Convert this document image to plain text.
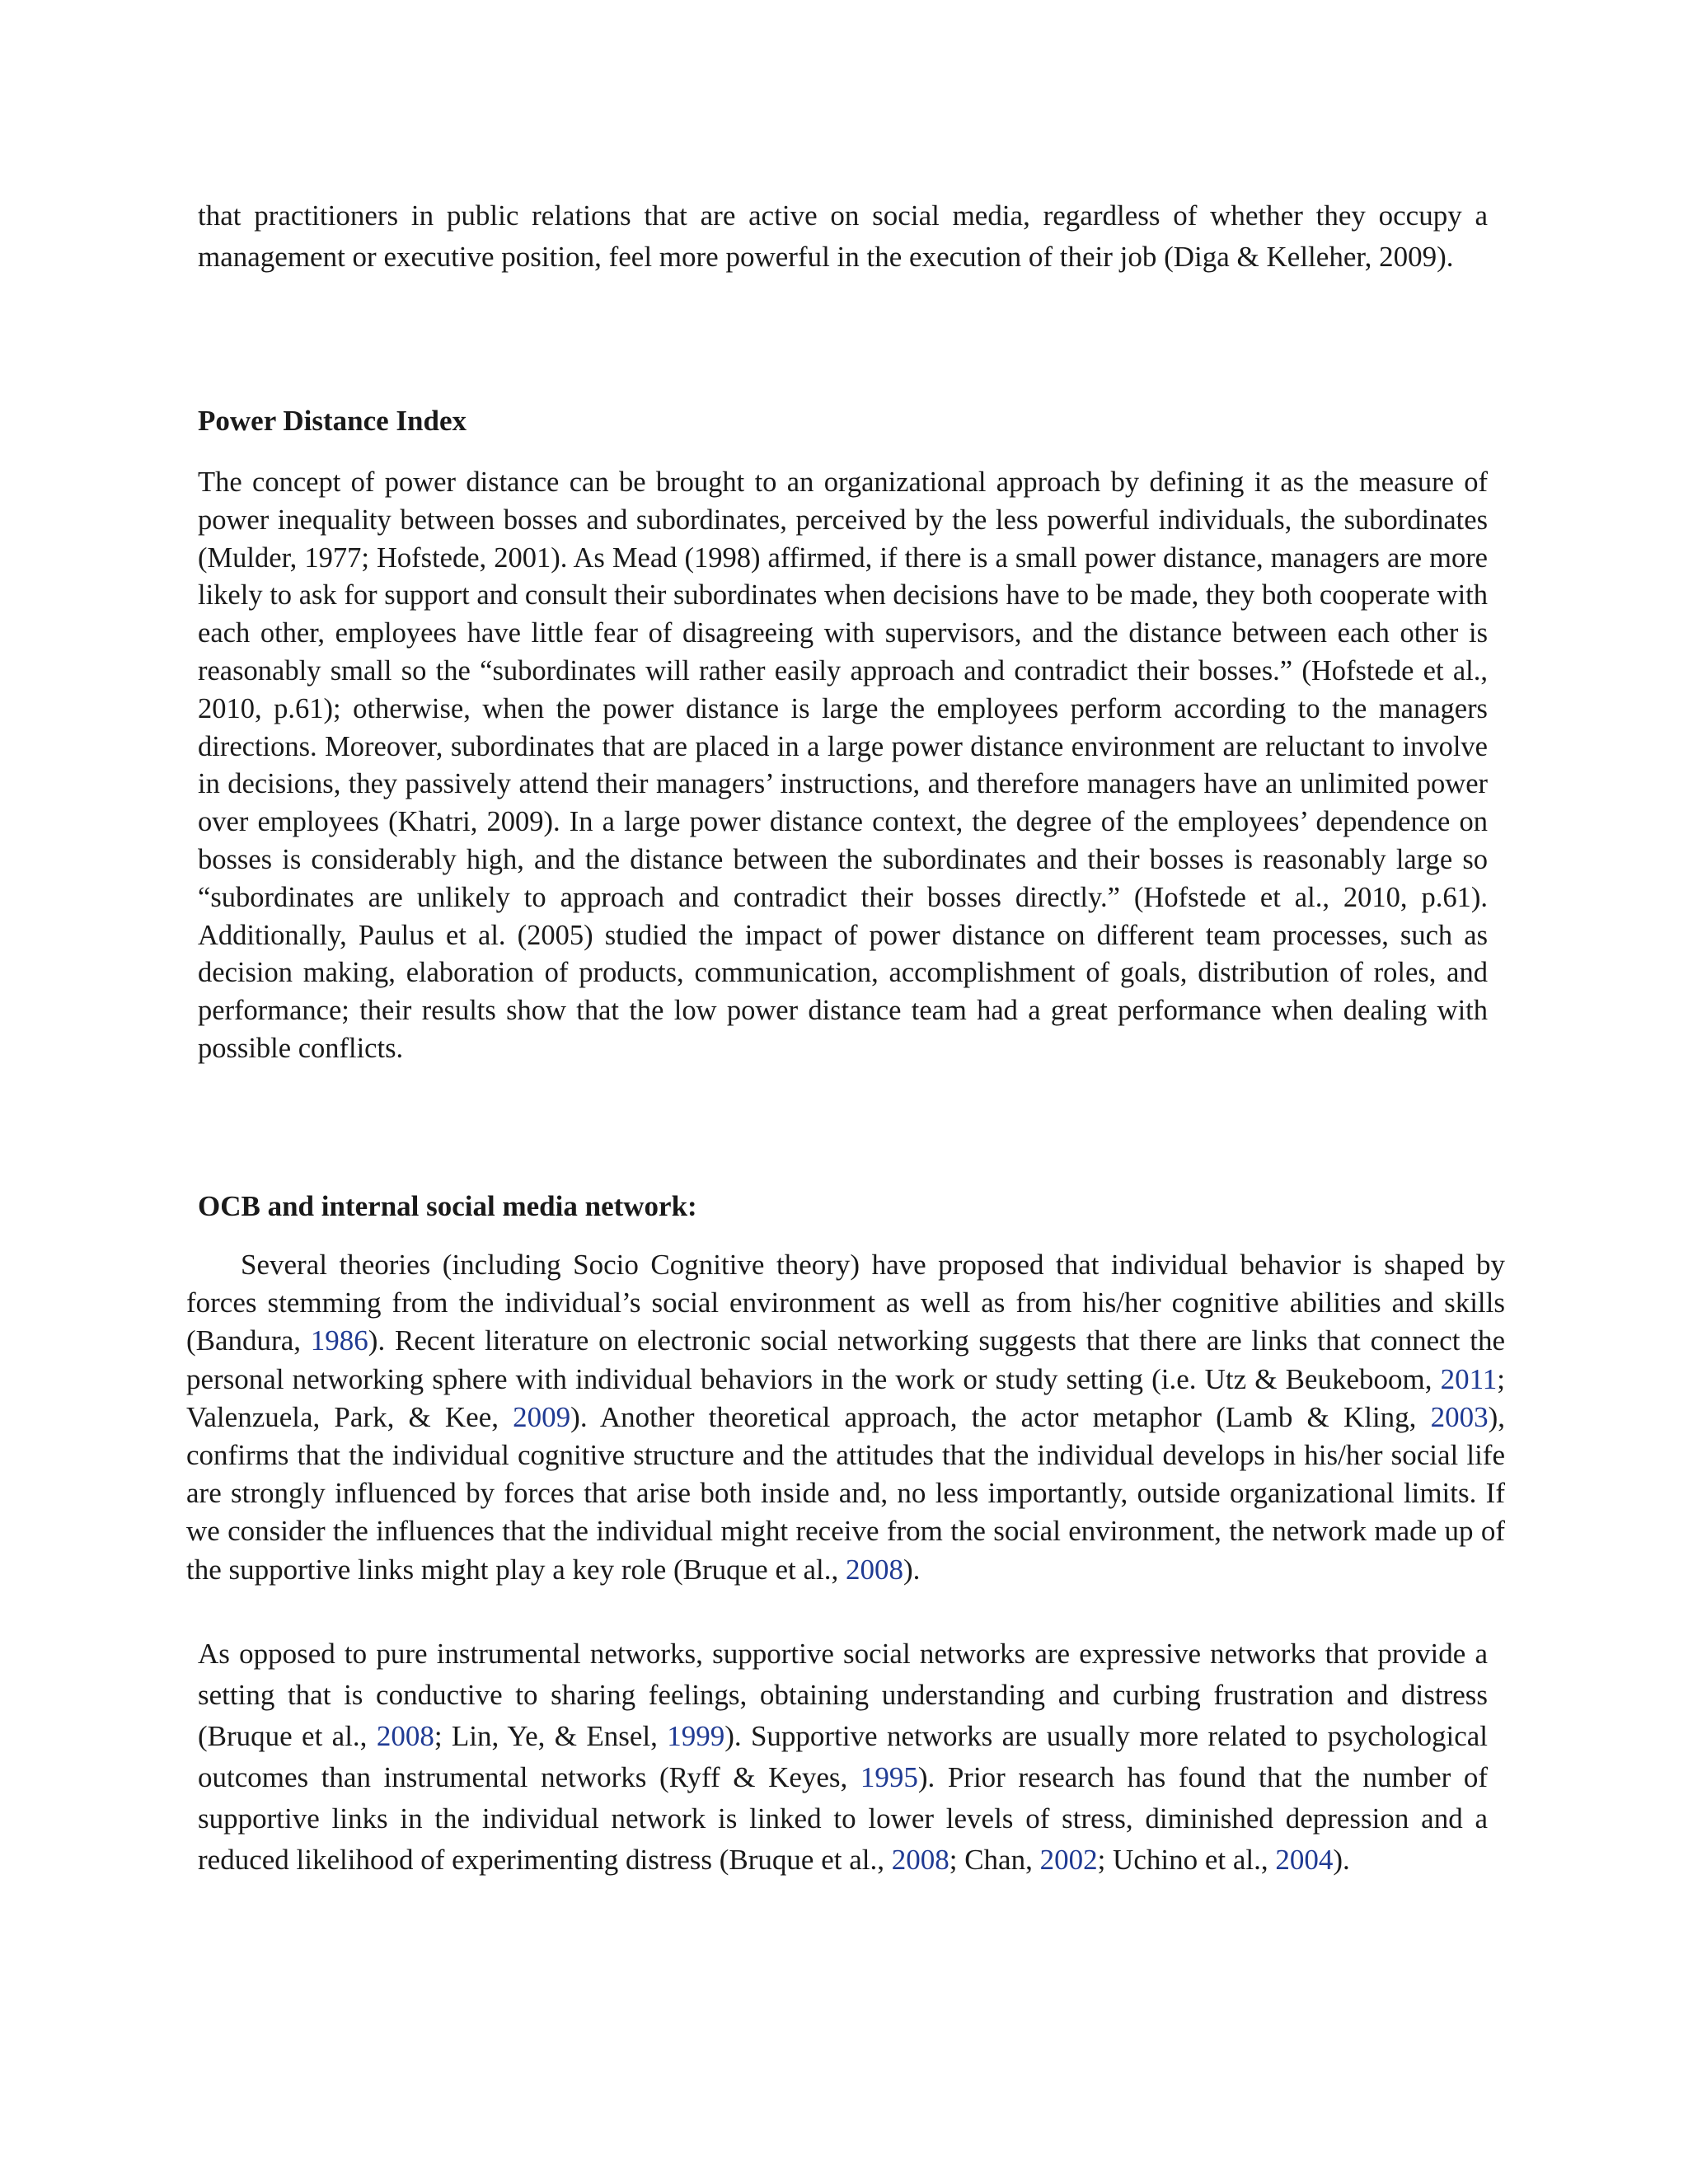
that practitioners in public relations that are active on social media, regardless of whether they occupy a management or executive position, feel more powerful in the execution of their job (Diga & Kelleher, 2009).

Power Distance Index

The concept of power distance can be brought to an organizational approach by defining it as the measure of power inequality between bosses and subordinates, perceived by the less powerful individuals, the subordinates (Mulder, 1977; Hofstede, 2001). As Mead (1998) affirmed, if there is a small power distance, managers are more likely to ask for support and consult their subordinates when decisions have to be made, they both cooperate with each other, employees have little fear of disagreeing with supervisors, and the distance between each other is reasonably small so the “subordinates will rather easily approach and contradict their bosses.” (Hofstede et al., 2010, p.61); otherwise, when the power distance is large the employees perform according to the managers directions. Moreover, subordinates that are placed in a large power distance environment are reluctant to involve in decisions, they passively attend their managers’ instructions, and therefore managers have an unlimited power over employees (Khatri, 2009). In a large power distance context, the degree of the employees’ dependence on bosses is considerably high, and the distance between the subordinates and their bosses is reasonably large so “subordinates are unlikely to approach and contradict their bosses directly.” (Hofstede et al., 2010, p.61). Additionally, Paulus et al. (2005) studied the impact of power distance on different team processes, such as decision making, elaboration of products, communication, accomplishment of goals, distribution of roles, and performance; their results show that the low power distance team had a great performance when dealing with possible conflicts.

OCB and internal social media network:

Several theories (including Socio Cognitive theory) have proposed that individual behavior is shaped by forces stemming from the individual’s social environment as well as from his/her cognitive abilities and skills (Bandura, 1986). Recent literature on electronic social networking suggests that there are links that connect the personal networking sphere with individual behaviors in the work or study setting (i.e. Utz & Beukeboom, 2011; Valenzuela, Park, & Kee, 2009). Another theoretical approach, the actor metaphor (Lamb & Kling, 2003), confirms that the individual cognitive structure and the attitudes that the individual develops in his/her social life are strongly influenced by forces that arise both inside and, no less importantly, outside organizational limits. If we consider the influences that the individual might receive from the social environment, the network made up of the supportive links might play a key role (Bruque et al., 2008).

As opposed to pure instrumental networks, supportive social networks are expressive networks that provide a setting that is conductive to sharing feelings, obtaining understanding and curbing frustration and distress (Bruque et al., 2008; Lin, Ye, & Ensel, 1999). Supportive networks are usually more related to psychological outcomes than instrumental networks (Ryff & Keyes, 1995). Prior research has found that the number of supportive links in the individual network is linked to lower levels of stress, diminished depression and a reduced likelihood of experimenting distress (Bruque et al., 2008; Chan, 2002; Uchino et al., 2004).
